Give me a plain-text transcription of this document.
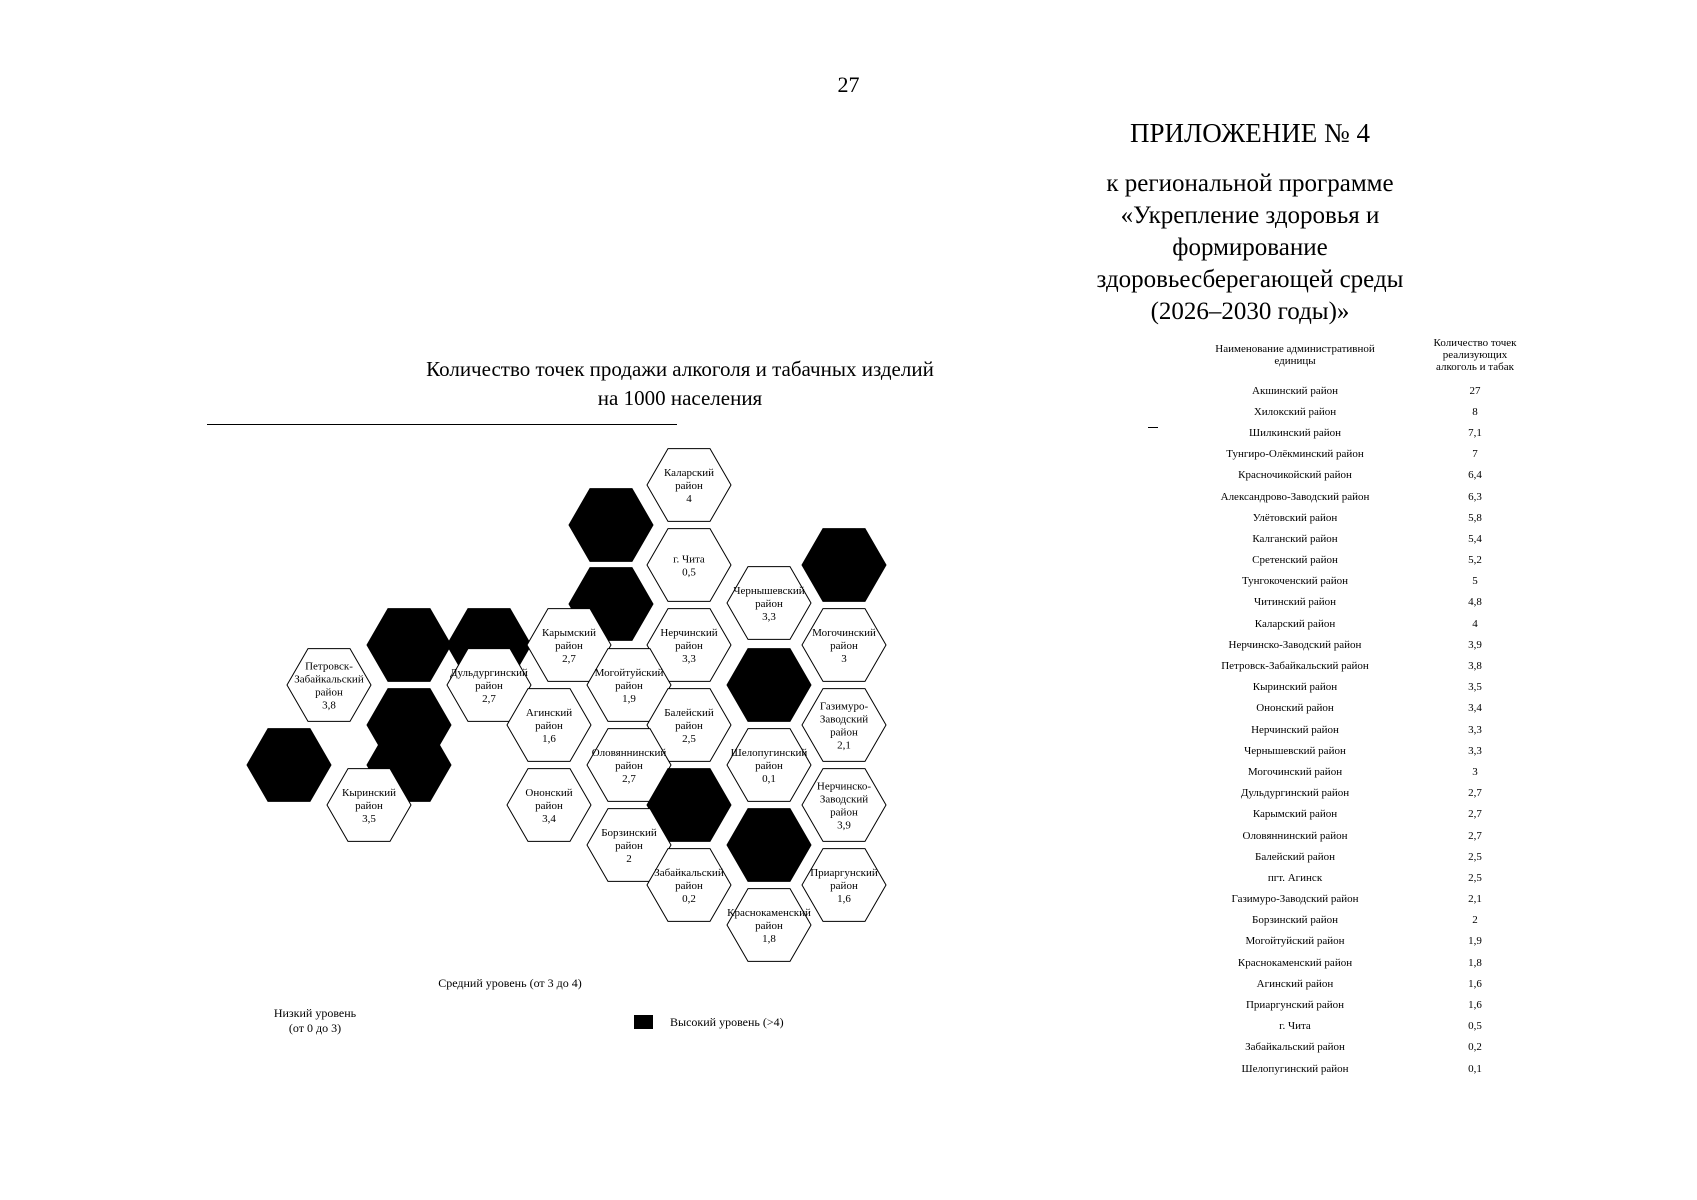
27
ПРИЛОЖЕНИЕ № 4
к региональной программе
«Укрепление здоровья и формирование
здоровьесберегающей среды
(2026–2030 годы)»
Количество точек продажи алкоголя и табачных изделий
на 1000 населения
Каларский
район
4
г. Чита
0,5
Чернышевский
район
3,3
Карымский
район
2,7
Нерчинский
район
3,3
Могочинский
район
3
Петровск-
Забайкальский
район
3,8
Дульдургинский
район
2,7
Могойтуйский
район
1,9
Агинский
район
1,6
Балейский
район
2,5
Газимуро-
Заводский
район
2,1
Оловяннинский
район
2,7
Шелопугинский
район
0,1
Кыринский
район
3,5
Ононский
район
3,4
Нерчинско-
Заводский
район
3,9
Борзинский
район
2
Забайкальский
район
0,2
Приаргунский
район
1,6
Краснокаменский
район
1,8
Средний уровень (от 3 до 4)
Низкий уровень
(от 0 до 3)	Высокий уровень (>4)
Наименование административной
единицы
Количество точек
реализующих
алкоголь и табак
Акшинский район	27
Хилокский район	8
Шилкинский район	7,1
Тунгиро-Олёкминский район	7
Красночикойский район	6,4
Александрово-Заводский район	6,3
Улётовский район	5,8
Калганский район	5,4
Сретенский район	5,2
Тунгокоченский район	5
Читинский район	4,8
Каларский район	4
Нерчинско-Заводский район	3,9
Петровск-Забайкальский район	3,8
Кыринский район	3,5
Ононский район	3,4
Нерчинский район	3,3
Чернышевский район	3,3
Могочинский район	3
Дульдургинский район	2,7
Карымский район	2,7
Оловяннинский район	2,7
Балейский район	2,5
пгт. Агинск	2,5
Газимуро-Заводский район	2,1
Борзинский район	2
Могойтуйский район	1,9
Краснокаменский район	1,8
Агинский район	1,6
Приаргунский район	1,6
г. Чита	0,5
Забайкальский район	0,2
Шелопугинский район	0,1
